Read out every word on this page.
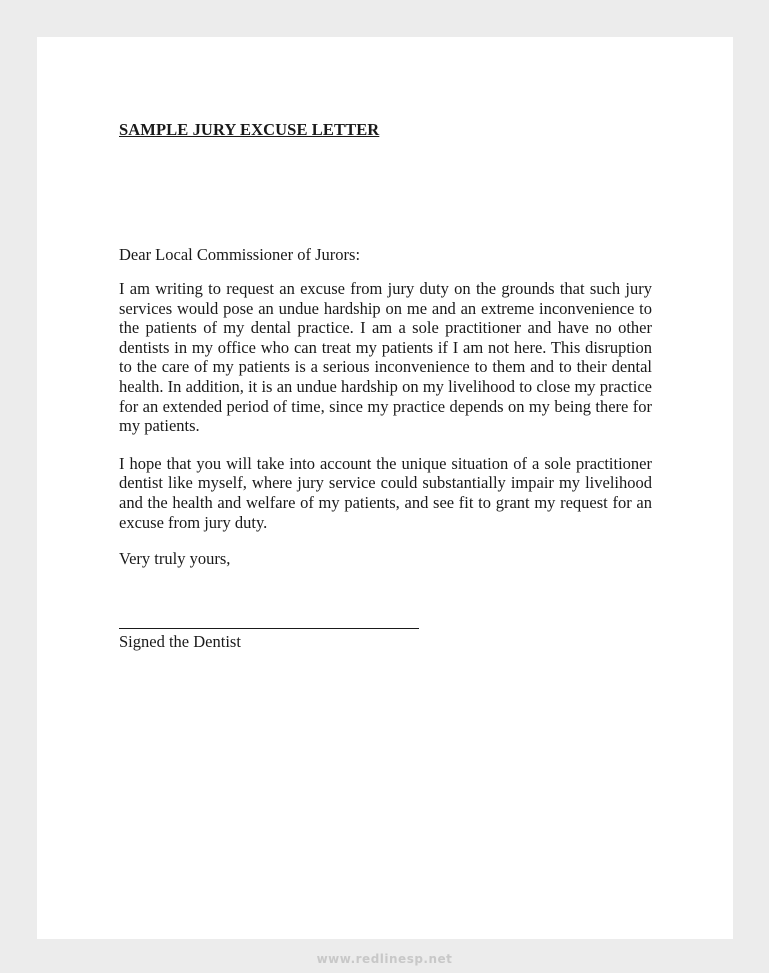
SAMPLE JURY EXCUSE LETTER

Dear Local Commissioner of Jurors:

I am writing to request an excuse from jury duty on the grounds that such jury services would pose an undue hardship on me and an extreme inconvenience to the patients of my dental practice. I am a sole practitioner and have no other dentists in my office who can treat my patients if I am not here. This disruption to the care of my patients is a serious inconvenience to them and to their dental health. In addition, it is an undue hardship on my livelihood to close my practice for an extended period of time, since my practice depends on my being there for my patients.

I hope that you will take into account the unique situation of a sole practitioner dentist like myself, where jury service could substantially impair my livelihood and the health and welfare of my patients, and see fit to grant my request for an excuse from jury duty.

Very truly yours,

Signed the Dentist

www.redlinesp.net
